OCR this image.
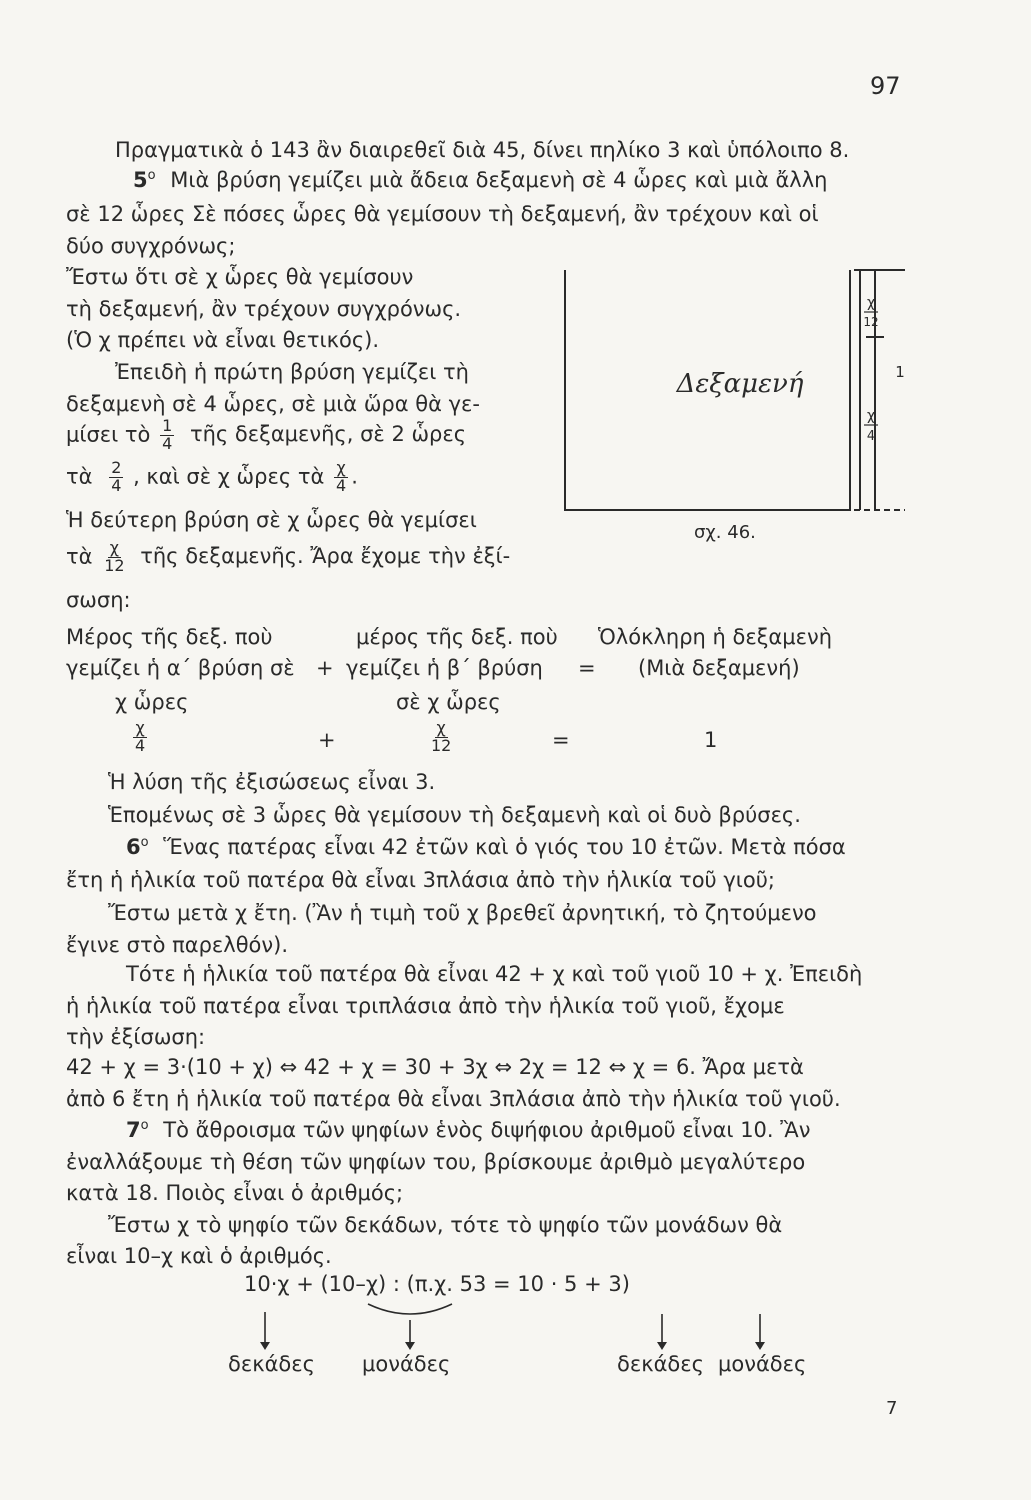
97
Πραγματικὰ ὁ 143 ἂν διαιρεθεῖ διὰ 45, δίνει πηλίκο 3 καὶ ὑπόλοιπο 8.
$5^o$ Μιὰ βρύση γεμίζει μιὰ ἄδεια δεξαμενὴ σὲ 4 ὧρες καὶ μιὰ ἄλλη
σὲ 12 ὧρες Σὲ πόσες ὧρες θὰ γεμίσουν τὴ δεξαμενή, ἂν τρέχουν καὶ οἱ
δύο συγχρόνως;
Ἔστω ὅτι σὲ χ ὧρες θὰ γεμίσουν
τὴ δεξαμενή, ἂν τρέχουν συγχρόνως.
(Ὁ χ πρέπει νὰ εἶναι θετικός).
Ἐπειδὴ ἡ πρώτη βρύση γεμίζει τὴ
δεξαμενὴ σὲ 4 ὧρες, σὲ μιὰ ὥρα θὰ γε-
μίσει τὸ $\frac{1}{4}$ τῆς δεξαμενῆς, σὲ 2 ὧρες
τὰ $\frac{2}{4}$ , καὶ σὲ χ ὧρες τὰ $\frac{\chi}{4}$ .
Ἡ δεύτερη βρύση σὲ χ ὧρες θὰ γεμίσει
τὰ $\frac{\chi}{12}$ τῆς δεξαμενῆς. Ἄρα ἔχομε τὴν ἐξί-
σωση:
Δεξαμενή
χ
12
1
χ
4
σχ. 46.
Μέρος τῆς δεξ. ποὺ	μέρος τῆς δεξ. ποὺ Ὁλόκληρη ἡ δεξαμενὴ
γεμίζει ἡ α΄ βρύση σὲ + γεμίζει ἡ β΄ βρύση = (Μιὰ δεξαμενή)
χ ὧρες	σὲ χ ὧρες
$\frac{\chi}{4}$	+	$\frac{\chi}{12}$	=	1
Ἡ λύση τῆς ἐξισώσεως εἶναι 3.
Ἑπομένως σὲ 3 ὧρες θὰ γεμίσουν τὴ δεξαμενὴ καὶ οἱ δυὸ βρύσες.
$6^o$ Ἕνας πατέρας εἶναι 42 ἐτῶν καὶ ὁ γιός του 10 ἐτῶν. Μετὰ πόσα
ἔτη ἡ ἡλικία τοῦ πατέρα θὰ εἶναι 3πλάσια ἀπὸ τὴν ἡλικία τοῦ γιοῦ;
Ἔστω μετὰ χ ἔτη. (Ἂν ἡ τιμὴ τοῦ χ βρεθεῖ ἀρνητική, τὸ ζητούμενο
ἔγινε στὸ παρελθόν).
Τότε ἡ ἡλικία τοῦ πατέρα θὰ εἶναι 42 + χ καὶ τοῦ γιοῦ 10 + χ. Ἐπειδὴ
ἡ ἡλικία τοῦ πατέρα εἶναι τριπλάσια ἀπὸ τὴν ἡλικία τοῦ γιοῦ, ἔχομε
τὴν ἐξίσωση:
42 + χ = 3·(10 + χ) ⇔ 42 + χ = 30 + 3χ ⇔ 2χ = 12 ⇔ χ = 6. Ἄρα μετὰ
ἀπὸ 6 ἔτη ἡ ἡλικία τοῦ πατέρα θὰ εἶναι 3πλάσια ἀπὸ τὴν ἡλικία τοῦ γιοῦ.
$7^o$ Τὸ ἄθροισμα τῶν ψηφίων ἑνὸς διψήφιου ἀριθμοῦ εἶναι 10. Ἂν
ἐναλλάξουμε τὴ θέση τῶν ψηφίων του, βρίσκουμε ἀριθμὸ μεγαλύτερο
κατὰ 18. Ποιὸς εἶναι ὁ ἀριθμός;
Ἔστω χ τὸ ψηφίο τῶν δεκάδων, τότε τὸ ψηφίο τῶν μονάδων θὰ
εἶναι 10–χ καὶ ὁ ἀριθμός.
10·χ + (10–χ) : (π.χ. 53 = 10 · 5 + 3)
δεκάδες μονάδες	δεκάδες μονάδες
7
